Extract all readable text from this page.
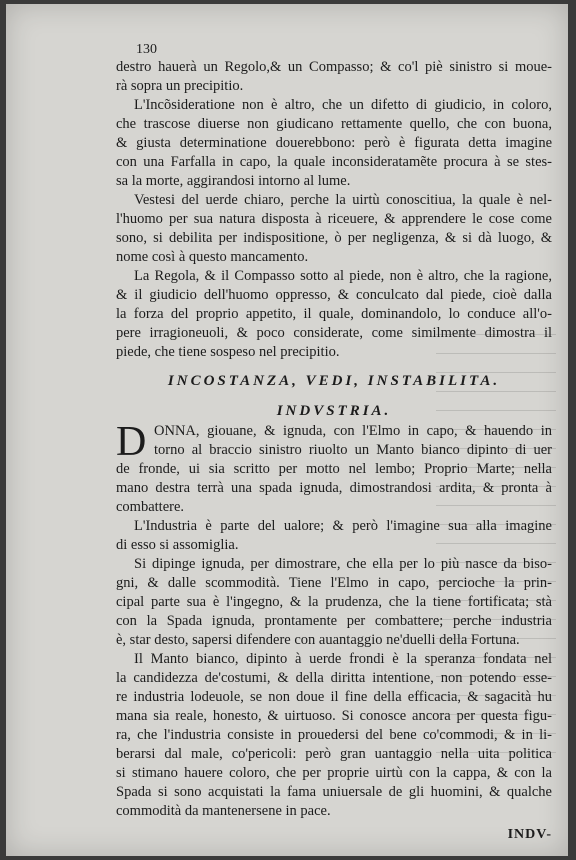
130
destro hauerà un Regolo,& un Compasso; & co'l piè sinistro si moue-
rà sopra un precipitio.
L'Incõsideratione non è altro, che un difetto di giudicio, in coloro,
che trascose diuerse non giudicano rettamente quello, che con buona,
& giusta determinatione douerebbono: però è figurata detta imagine
con una Farfalla in capo, la quale inconsideratamẽte procura à se stes-
sa la morte, aggirandosi intorno al lume.
Vestesi del uerde chiaro, perche la uirtù conoscitiua, la quale è nel-
l'huomo per sua natura disposta à riceuere, & apprendere le cose come
sono, si debilita per indispositione, ò per negligenza, & si dà luogo, &
nome così à questo mancamento.
La Regola, & il Compasso sotto al piede, non è altro, che la ragione,
& il giudicio dell'huomo oppresso, & conculcato dal piede, cioè dalla
la forza del proprio appetito, il quale, dominandolo, lo conduce all'o-
pere irragioneuoli, & poco considerate, come similmente dimostra il
piede, che tiene sospeso nel precipitio.
INCOSTANZA, VEDI, INSTABILITA.
INDVSTRIA.
D ONNA, giouane, & ignuda, con l'Elmo in capo, & hauendo in
torno al braccio sinistro riuolto un Manto bianco dipinto di uer
de fronde, ui sia scritto per motto nel lembo; Proprio Marte; nella
mano destra terrà una spada ignuda, dimostrandosi ardita, & pronta à
combattere.
L'Industria è parte del ualore; & però l'imagine sua alla imagine
di esso si assomiglia.
Si dipinge ignuda, per dimostrare, che ella per lo più nasce da biso-
gni, & dalle scommodità. Tiene l'Elmo in capo, percioche la prin-
cipal parte sua è l'ingegno, & la prudenza, che la tiene fortificata; stà
con la Spada ignuda, prontamente per combattere; perche industria
è, star desto, sapersi difendere con auantaggio ne'duelli della Fortuna.
Il Manto bianco, dipinto à uerde frondi è la speranza fondata nel
la candidezza de'costumi, & della diritta intentione, non potendo esse-
re industria lodeuole, se non doue il fine della efficacia, & sagacità hu
mana sia reale, honesto, & uirtuoso. Si conosce ancora per questa figu-
ra, che l'industria consiste in prouedersi del bene co'commodi, & in li-
berarsi dal male, co'pericoli: però gran uantaggio nella uita politica
si stimano hauere coloro, che per proprie uirtù con la cappa, & con la
Spada si sono acquistati la fama uniuersale de gli huomini, & qualche
commodità da mantenersene in pace.
INDV-
